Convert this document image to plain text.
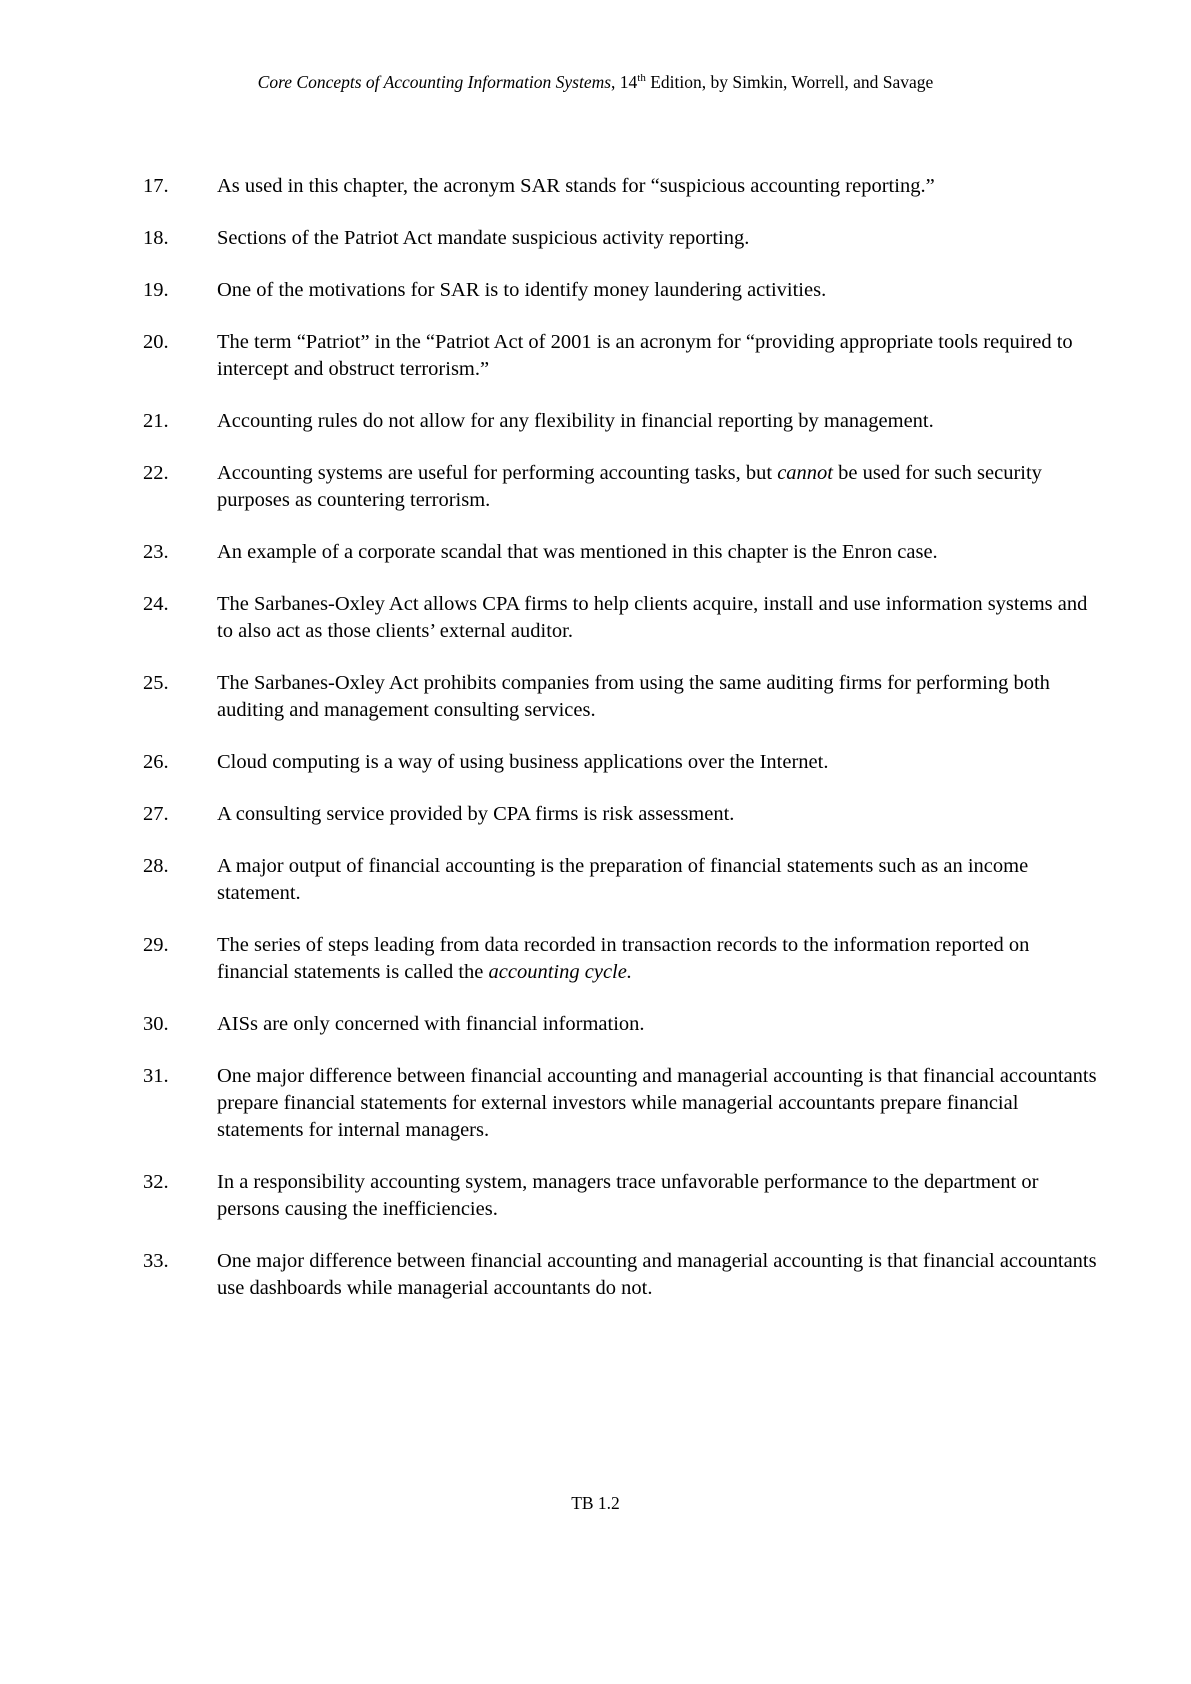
Core Concepts of Accounting Information Systems, 14th Edition, by Simkin, Worrell, and Savage
17.	As used in this chapter, the acronym SAR stands for “suspicious accounting reporting.”
18.	Sections of the Patriot Act mandate suspicious activity reporting.
19.	One of the motivations for SAR is to identify money laundering activities.
20.	The term “Patriot” in the “Patriot Act of 2001 is an acronym for “providing appropriate tools required to intercept and obstruct terrorism.”
21.	Accounting rules do not allow for any flexibility in financial reporting by management.
22.	Accounting systems are useful for performing accounting tasks, but cannot be used for such security purposes as countering terrorism.
23.	An example of a corporate scandal that was mentioned in this chapter is the Enron case.
24.	The Sarbanes-Oxley Act allows CPA firms to help clients acquire, install and use information systems and to also act as those clients’ external auditor.
25.	The Sarbanes-Oxley Act prohibits companies from using the same auditing firms for performing both auditing and management consulting services.
26.	Cloud computing is a way of using business applications over the Internet.
27.	A consulting service provided by CPA firms is risk assessment.
28.	A major output of financial accounting is the preparation of financial statements such as an income statement.
29.	The series of steps leading from data recorded in transaction records to the information reported on financial statements is called the accounting cycle.
30.	AISs are only concerned with financial information.
31.	One major difference between financial accounting and managerial accounting is that financial accountants prepare financial statements for external investors while managerial accountants prepare financial statements for internal managers.
32.	In a responsibility accounting system, managers trace unfavorable performance to the department or persons causing the inefficiencies.
33.	One major difference between financial accounting and managerial accounting is that financial accountants use dashboards while managerial accountants do not.
TB 1.2
